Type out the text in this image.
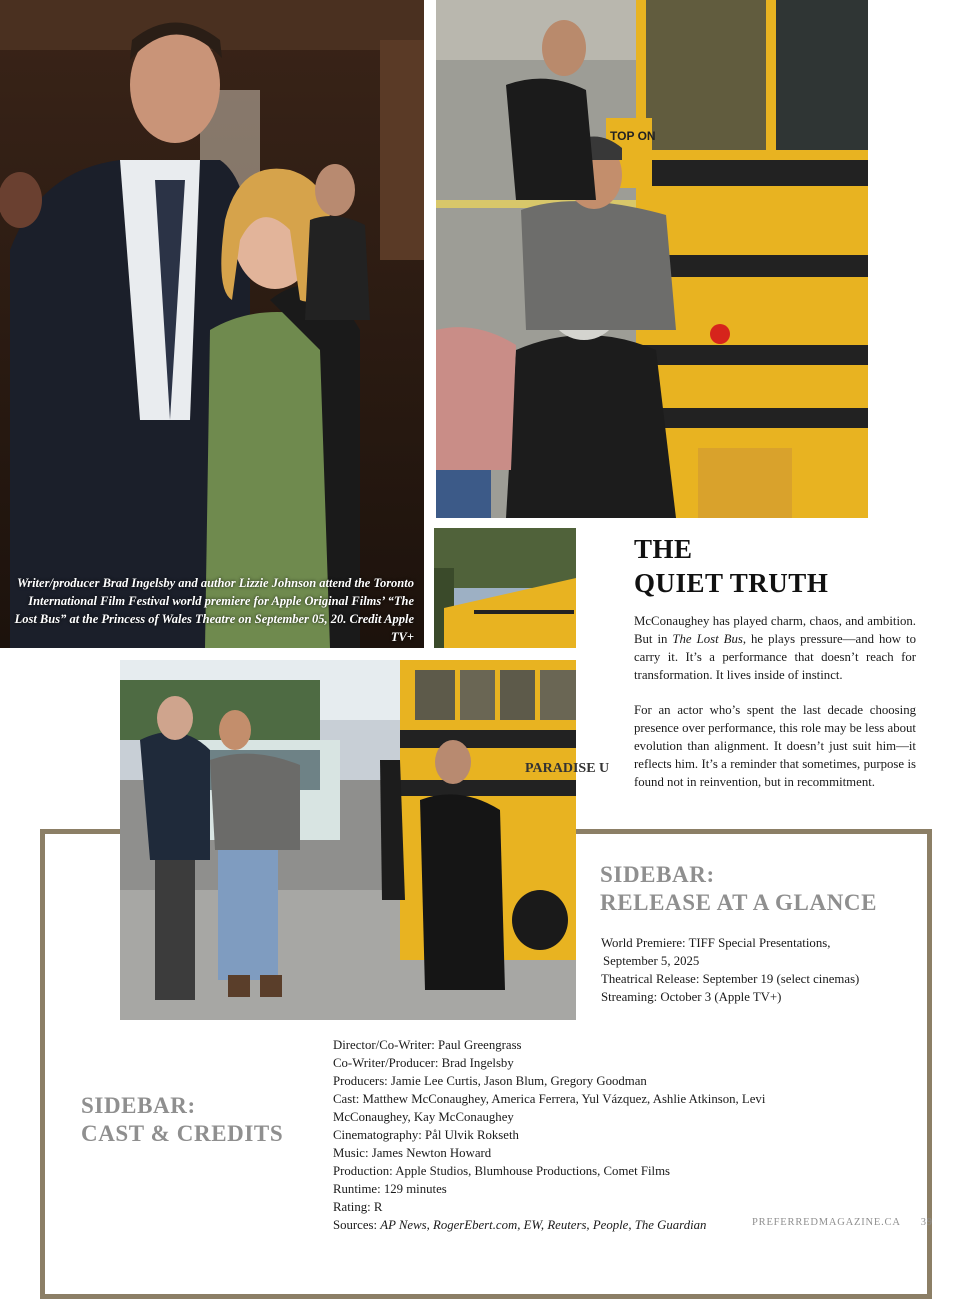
Writer/producer Brad Ingelsby and author Lizzie Johnson attend the Toronto International Film Festival world premiere for Apple Original Films’ “The Lost Bus” at the Princess of Wales Theatre on September 05, 20. Credit Apple TV+
TOP ON
PARADISE U
THE
QUIET TRUTH

McConaughey has played charm, chaos, and ambition. But in The Lost Bus, he plays pressure—and how to carry it. It’s a performance that doesn’t reach for transformation. It lives inside of instinct.

For an actor who’s spent the last decade choosing presence over performance, this role may be less about evolution than alignment. It doesn’t just suit him—it reflects him. It’s a reminder that sometimes, purpose is found not in reinvention, but in recommitment.

SIDEBAR:
RELEASE AT A GLANCE
World Premiere: TIFF Special Presentations,
September 5, 2025
Theatrical Release: September 19 (select cinemas)
Streaming: October 3 (Apple TV+)
SIDEBAR:
CAST & CREDITS
Director/Co-Writer: Paul Greengrass
Co-Writer/Producer: Brad Ingelsby
Producers: Jamie Lee Curtis, Jason Blum, Gregory Goodman
Cast: Matthew McConaughey, America Ferrera, Yul Vázquez, Ashlie Atkinson, Levi McConaughey, Kay McConaughey
Cinematography: Pål Ulvik Rokseth
Music: James Newton Howard
Production: Apple Studios, Blumhouse Productions, Comet Films
Runtime: 129 minutes
Rating: R
Sources: AP News, RogerEbert.com, EW, Reuters, People, The Guardian	PREFERREDMAGAZINE.CA 39
